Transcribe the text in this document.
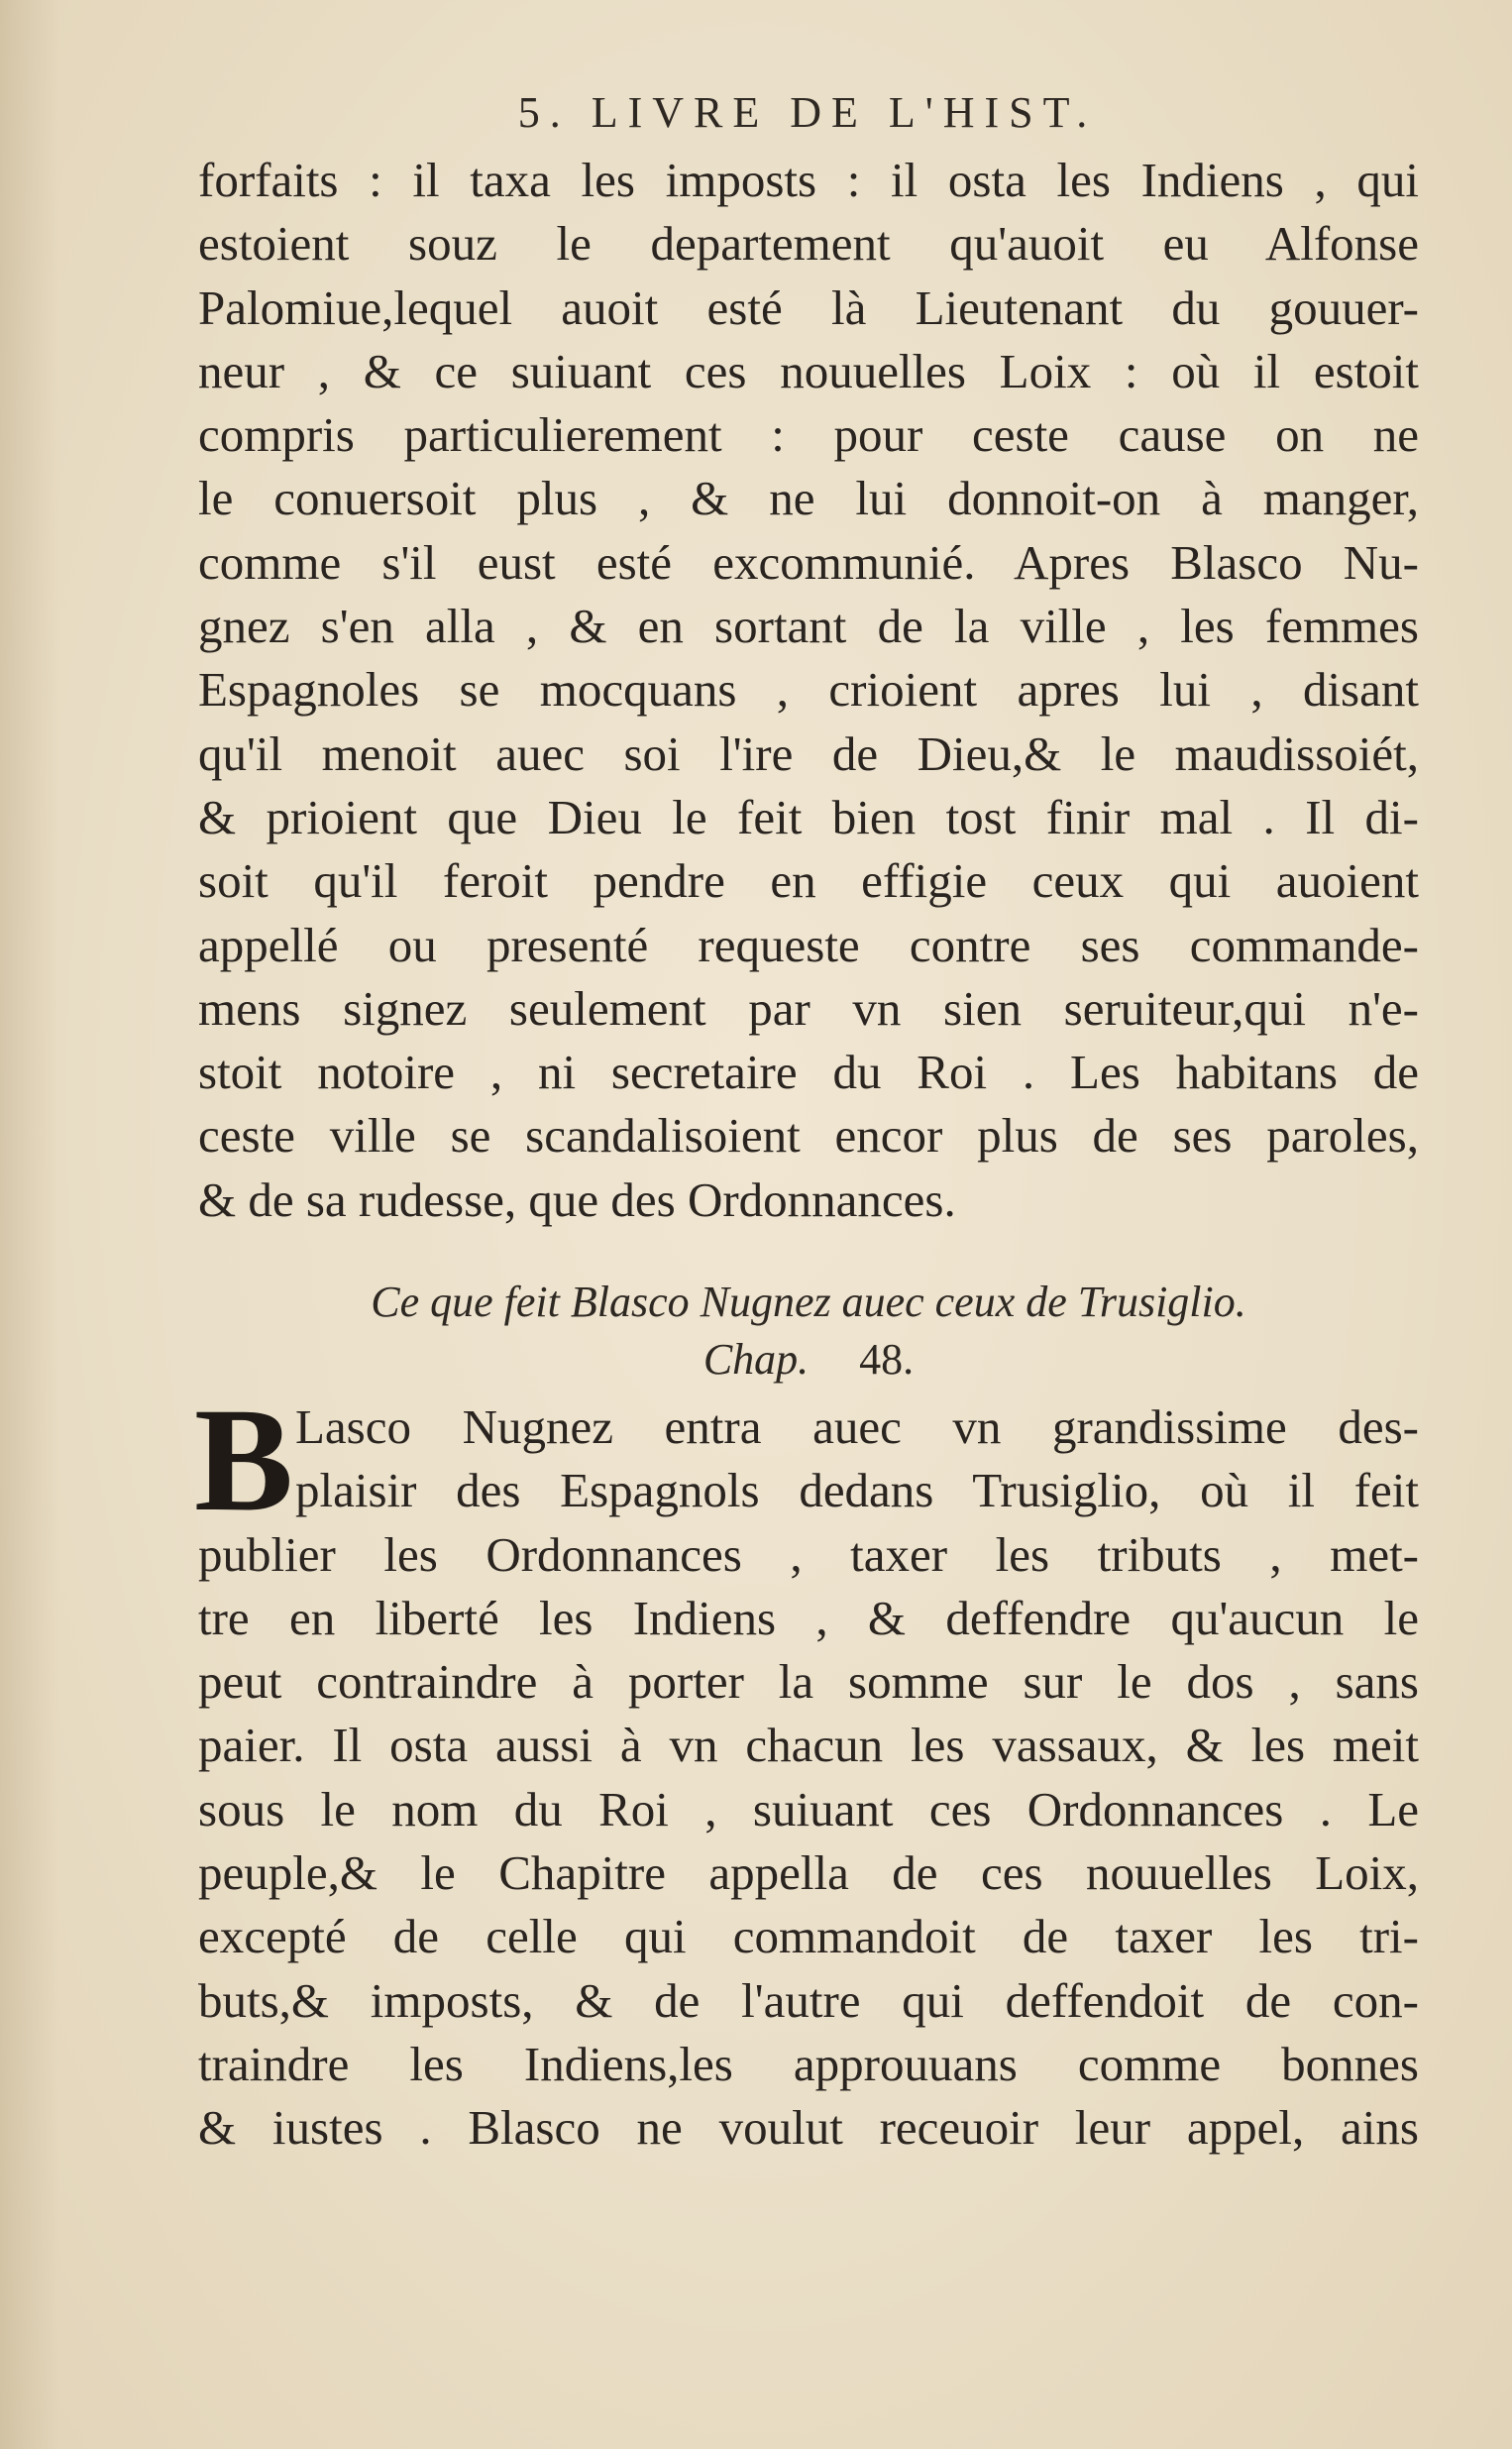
5. LIVRE DE L'HIST.
forfaits : il taxa les imposts : il osta les Indiens , qui
estoient souz le departement qu'auoit eu Alfonse
Palomiue,lequel auoit esté là Lieutenant du gouuer-
neur , & ce suiuant ces nouuelles Loix : où il estoit
compris particulierement : pour ceste cause on ne
le conuersoit plus , & ne lui donnoit-on à manger,
comme s'il eust esté excommunié. Apres Blasco Nu-
gnez s'en alla , & en sortant de la ville , les femmes
Espagnoles se mocquans , crioient apres lui , disant
qu'il menoit auec soi l'ire de Dieu,& le maudissoiét,
& prioient que Dieu le feit bien tost finir mal . Il di-
soit qu'il feroit pendre en effigie ceux qui auoient
appellé ou presenté requeste contre ses commande-
mens signez seulement par vn sien seruiteur,qui n'e-
stoit notoire , ni secretaire du Roi . Les habitans de
ceste ville se scandalisoient encor plus de ses paroles,
& de sa rudesse, que des Ordonnances.
Ce que feit Blasco Nugnez auec ceux de Trusiglio.
Chap. 48.
B Lasco Nugnez entra auec vn grandissime des-
plaisir des Espagnols dedans Trusiglio, où il feit
publier les Ordonnances , taxer les tributs , met-
tre en liberté les Indiens , & deffendre qu'aucun le
peut contraindre à porter la somme sur le dos , sans
paier. Il osta aussi à vn chacun les vassaux, & les meit
sous le nom du Roi , suiuant ces Ordonnances . Le
peuple,& le Chapitre appella de ces nouuelles Loix,
excepté de celle qui commandoit de taxer les tri-
buts,& imposts, & de l'autre qui deffendoit de con-
traindre les Indiens,les approuuans comme bonnes
& iustes . Blasco ne voulut receuoir leur appel, ains
